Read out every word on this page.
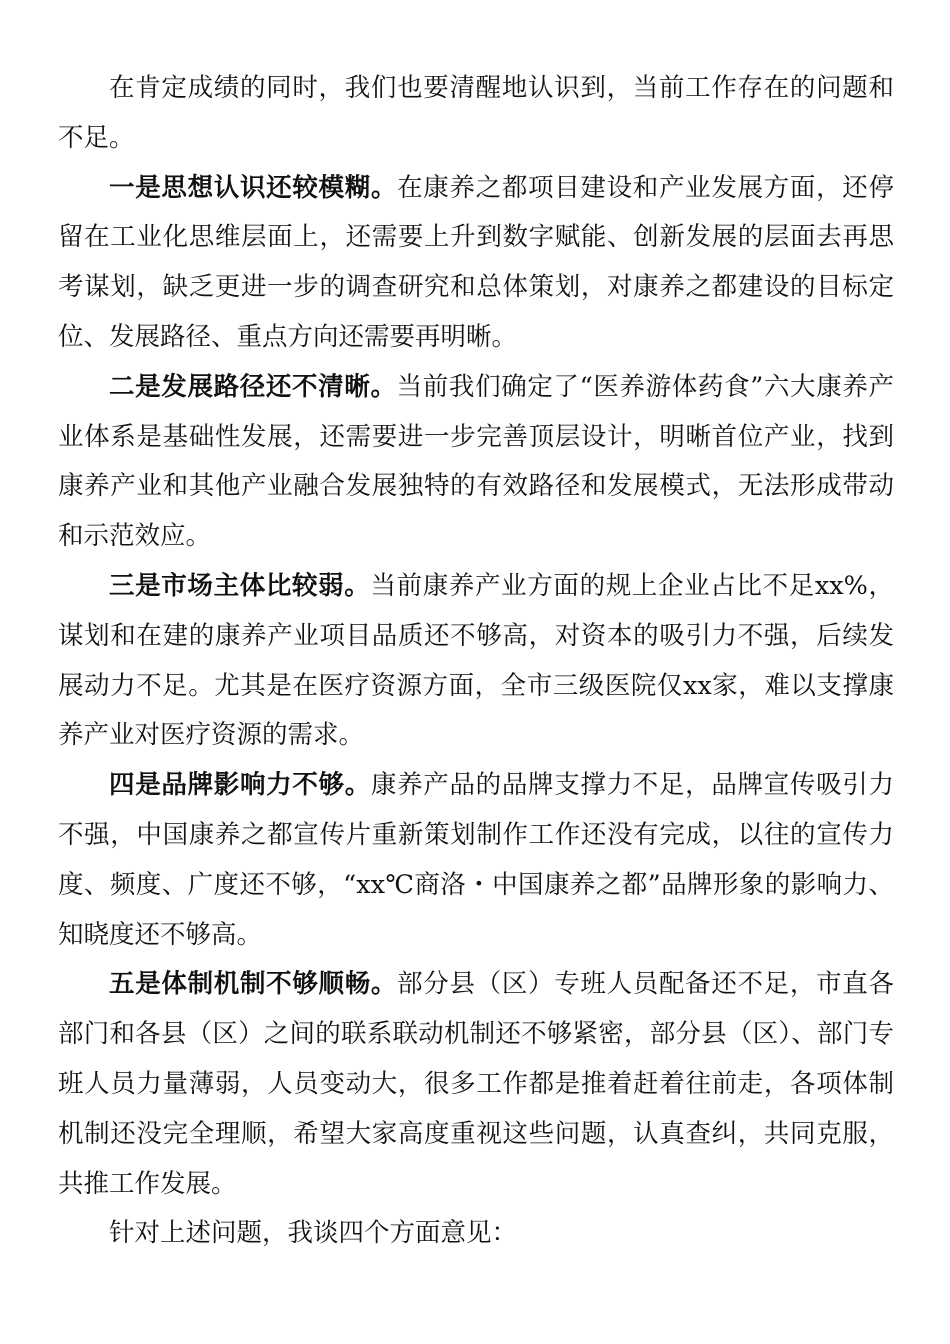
在肯定成绩的同时，我们也要清醒地认识到，当前工作存在的问题和不足。

一是思想认识还较模糊。在康养之都项目建设和产业发展方面，还停留在工业化思维层面上，还需要上升到数字赋能、创新发展的层面去再思考谋划，缺乏更进一步的调查研究和总体策划，对康养之都建设的目标定位、发展路径、重点方向还需要再明晰。

二是发展路径还不清晰。当前我们确定了“医养游体药食”六大康养产业体系是基础性发展，还需要进一步完善顶层设计，明晰首位产业，找到康养产业和其他产业融合发展独特的有效路径和发展模式，无法形成带动和示范效应。

三是市场主体比较弱。当前康养产业方面的规上企业占比不足xx%，谋划和在建的康养产业项目品质还不够高，对资本的吸引力不强，后续发展动力不足。尤其是在医疗资源方面，全市三级医院仅xx家，难以支撑康养产业对医疗资源的需求。

四是品牌影响力不够。康养产品的品牌支撑力不足，品牌宣传吸引力不强，中国康养之都宣传片重新策划制作工作还没有完成，以往的宣传力度、频度、广度还不够，“xx℃商洛・中国康养之都”品牌形象的影响力、知晓度还不够高。

五是体制机制不够顺畅。部分县（区）专班人员配备还不足，市直各部门和各县（区）之间的联系联动机制还不够紧密，部分县（区）、部门专班人员力量薄弱，人员变动大，很多工作都是推着赶着往前走，各项体制机制还没完全理顺，希望大家高度重视这些问题，认真查纠，共同克服，共推工作发展。

针对上述问题，我谈四个方面意见：
